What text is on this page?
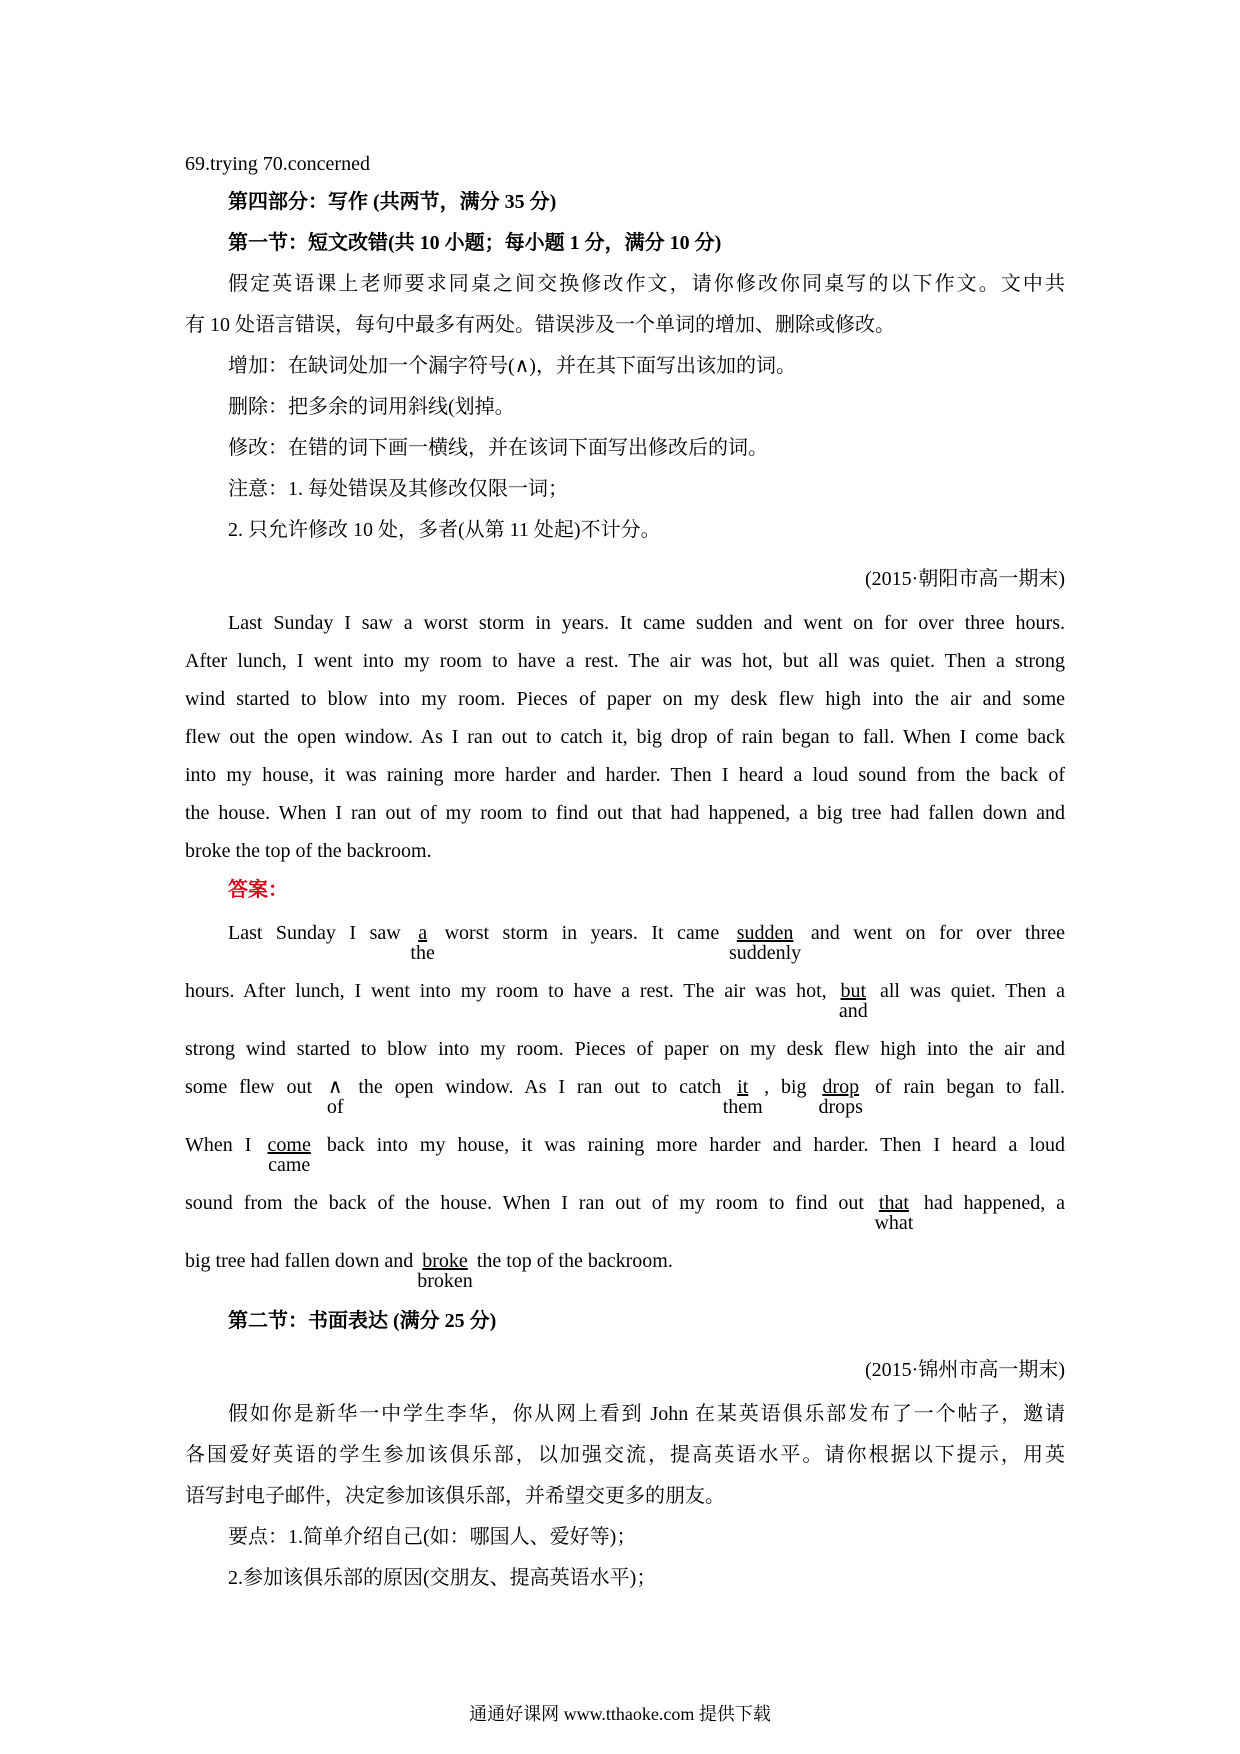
69.trying 70.concerned
第四部分：写作 (共两节，满分 35 分)
第一节：短文改错(共 10 小题；每小题 1 分，满分 10 分)
假定英语课上老师要求同桌之间交换修改作文，请你修改你同桌写的以下作文。文中共
有 10 处语言错误，每句中最多有两处。错误涉及一个单词的增加、删除或修改。
增加：在缺词处加一个漏字符号(∧)，并在其下面写出该加的词。
删除：把多余的词用斜线(划掉。
修改：在错的词下画一横线，并在该词下面写出修改后的词。
注意：1. 每处错误及其修改仅限一词；
2. 只允许修改 10 处，多者(从第 11 处起)不计分。
(2015·朝阳市高一期末)
Last Sunday I saw a worst storm in years. It came sudden and went on for over three hours.
After lunch, I went into my room to have a rest. The air was hot, but all was quiet. Then a strong
wind started to blow into my room. Pieces of paper on my desk flew high into the air and some
flew out the open window. As I ran out to catch it, big drop of rain began to fall. When I come back
into my house, it was raining more harder and harder. Then I heard a loud sound from the back of
the house. When I ran out of my room to find out that had happened, a big tree had fallen down and
broke the top of the backroom.
答案：
Last Sunday I saw a
the
worst storm in years. It came sudden
suddenly
and went on for over three
hours. After lunch, I went into my room to have a rest. The air was hot, but
and
all was quiet. Then a
strong wind started to blow into my room. Pieces of paper on my desk flew high into the air and
some flew out ∧
of
the open window. As I ran out to catch it
them
, big drop
drops
of rain began to fall.
When I come
came
back into my house, it was raining more harder and harder. Then I heard a loud
sound from the back of the house. When I ran out of my room to find out that
what
had happened, a
big tree had fallen down and broke
broken
the top of the backroom.
第二节：书面表达 (满分 25 分)
(2015·锦州市高一期末)
假如你是新华一中学生李华，你从网上看到 John 在某英语俱乐部发布了一个帖子，邀请
各国爱好英语的学生参加该俱乐部，以加强交流，提高英语水平。请你根据以下提示，用英
语写封电子邮件，决定参加该俱乐部，并希望交更多的朋友。
要点：1.简单介绍自己(如：哪国人、爱好等)；
2.参加该俱乐部的原因(交朋友、提高英语水平)；
通通好课网 www.tthaoke.com 提供下载
